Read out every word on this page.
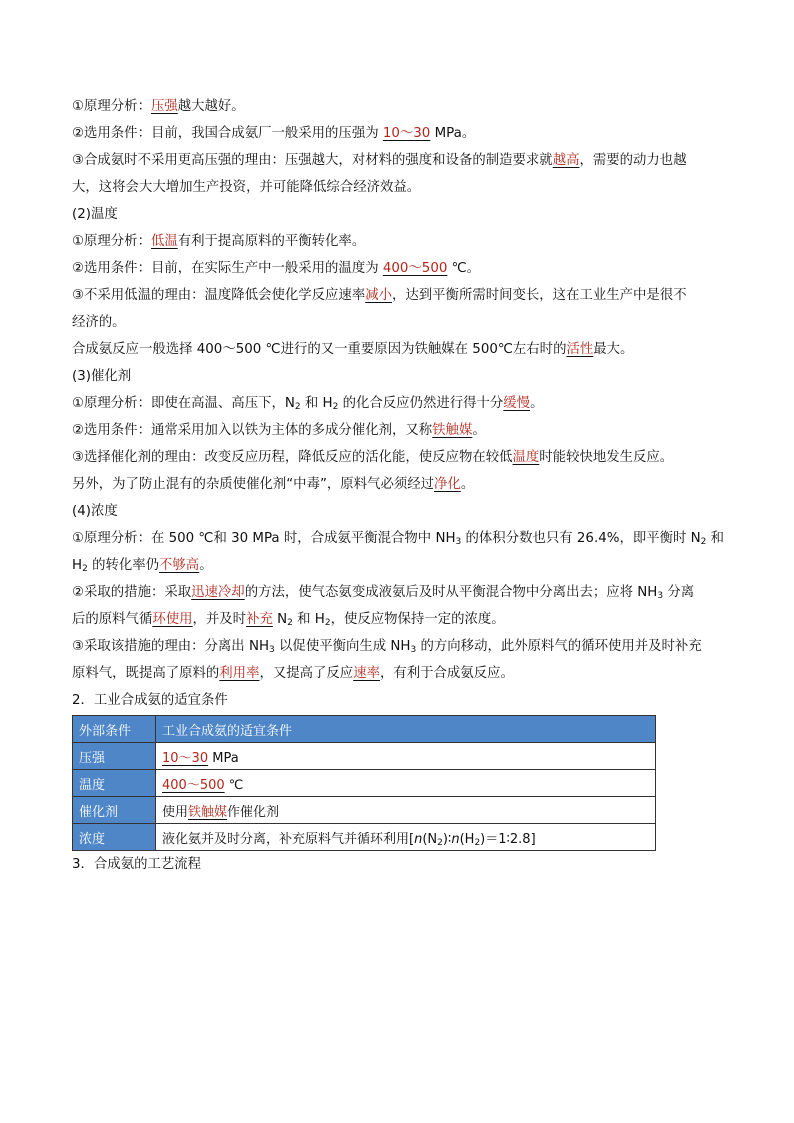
①原理分析：压强越大越好。
②选用条件：目前，我国合成氨厂一般采用的压强为 10～30 MPa。
③合成氨时不采用更高压强的理由：压强越大，对材料的强度和设备的制造要求就越高，需要的动力也越
大，这将会大大增加生产投资，并可能降低综合经济效益。
(2)温度
①原理分析：低温有利于提高原料的平衡转化率。
②选用条件：目前，在实际生产中一般采用的温度为 400～500 ℃。
③不采用低温的理由：温度降低会使化学反应速率减小，达到平衡所需时间变长，这在工业生产中是很不
经济的。
合成氨反应一般选择 400～500 ℃进行的又一重要原因为铁触媒在 500℃左右时的活性最大。
(3)催化剂
①原理分析：即使在高温、高压下，$N_2$ 和 $H_2$ 的化合反应仍然进行得十分缓慢。
②选用条件：通常采用加入以铁为主体的多成分催化剂，又称铁触媒。
③选择催化剂的理由：改变反应历程，降低反应的活化能，使反应物在较低温度时能较快地发生反应。
另外，为了防止混有的杂质使催化剂“中毒”，原料气必须经过净化。
(4)浓度
①原理分析：在 500 ℃和 30 MPa 时，合成氨平衡混合物中 $NH_3$ 的体积分数也只有 26.4%，即平衡时 $N_2$ 和
$H_2$ 的转化率仍不够高。
②采取的措施：采取迅速冷却的方法，使气态氨变成液氨后及时从平衡混合物中分离出去；应将 $NH_3$ 分离
后的原料气循环使用，并及时补充 $N_2$ 和 $H_2$，使反应物保持一定的浓度。
③采取该措施的理由：分离出 $NH_3$ 以促使平衡向生成 $NH_3$ 的方向移动，此外原料气的循环使用并及时补充
原料气，既提高了原料的利用率，又提高了反应速率，有利于合成氨反应。
2．工业合成氨的适宜条件
外部条件	工业合成氨的适宜条件
压强	10～30 MPa
温度	400～500 ℃
催化剂	使用铁触媒作催化剂
浓度	液化氨并及时分离，补充原料气并循环利用$[n(N_2)∶n(H_2)=1∶2.8]$
3．合成氨的工艺流程
